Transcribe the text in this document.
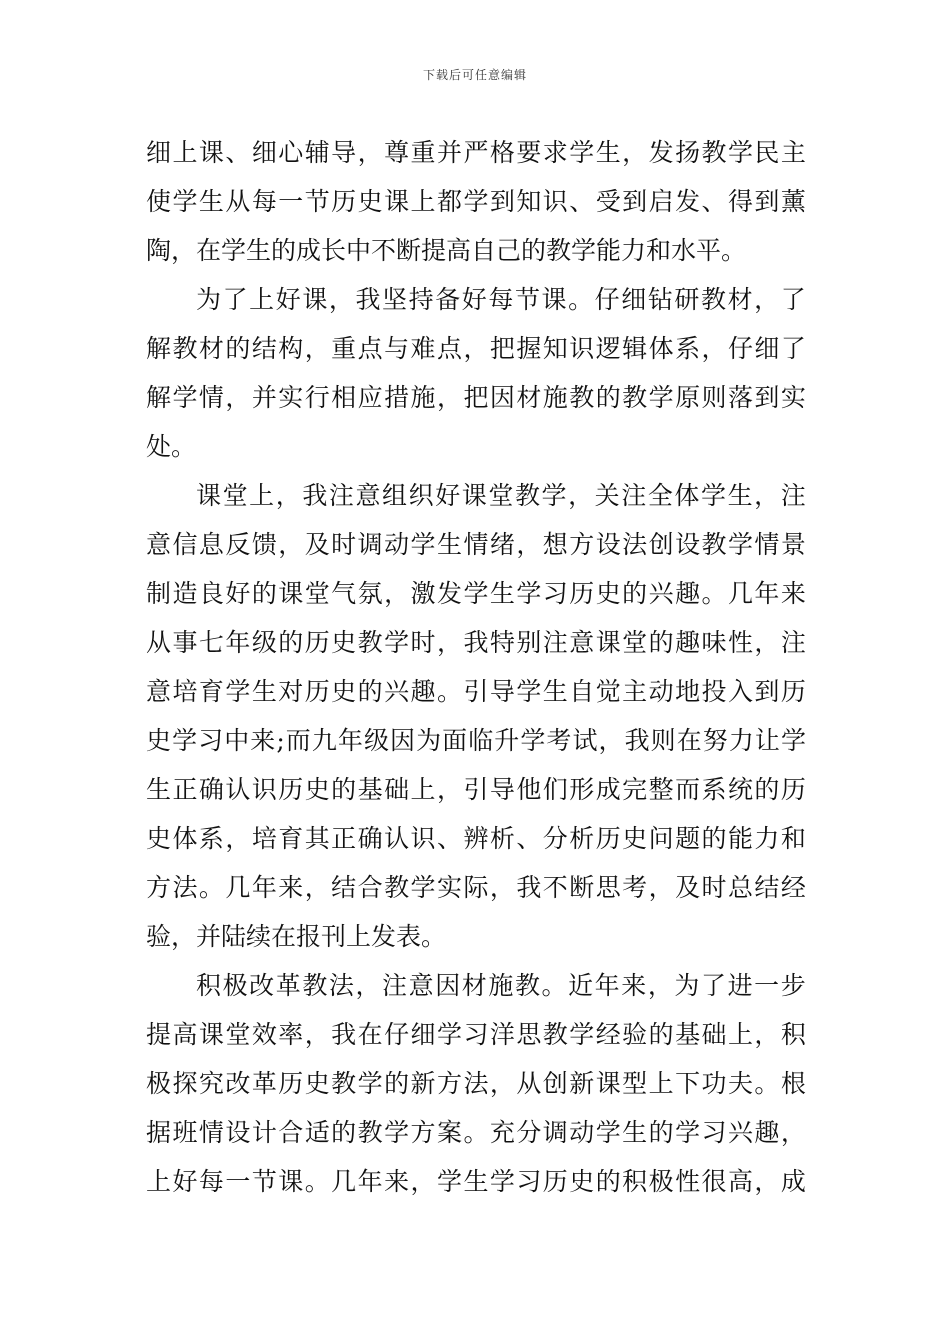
下载后可任意编辑
细 上 课 、 细 心 辅 导 ， 尊 重 并 严 格 要 求 学 生 ， 发 扬 教 学 民 主
使 学 生 从 每 一 节 历 史 课 上 都 学 到 知 识 、 受 到 启 发 、 得 到 薰
陶，在学生的成长中不断提高自己的教学能力和水平。
为 了 上 好 课 ， 我 坚 持 备 好 每 节 课 。 仔 细 钻 研 教 材 ， 了
解 教 材 的 结 构 ， 重 点 与 难 点 ， 把 握 知 识 逻 辑 体 系 ， 仔 细 了
解 学 情 ， 并 实 行 相 应 措 施 ， 把 因 材 施 教 的 教 学 原 则 落 到 实
处。
课 堂 上 ， 我 注 意 组 织 好 课 堂 教 学 ， 关 注 全 体 学 生 ， 注
意 信 息 反 馈 ， 及 时 调 动 学 生 情 绪 ， 想 方 设 法 创 设 教 学 情 景
制 造 良 好 的 课 堂 气 氛 ， 激 发 学 生 学 习 历 史 的 兴 趣 。 几 年 来
从 事 七 年 级 的 历 史 教 学 时 ， 我 特 别 注 意 课 堂 的 趣 味 性 ， 注
意 培 育 学 生 对 历 史 的 兴 趣 。 引 导 学 生 自 觉 主 动 地 投 入 到 历
史 学 习 中 来 ; 而 九 年 级 因 为 面 临 升 学 考 试 ， 我 则 在 努 力 让 学
生 正 确 认 识 历 史 的 基 础 上 ， 引 导 他 们 形 成 完 整 而 系 统 的 历
史 体 系 ， 培 育 其 正 确 认 识 、 辨 析 、 分 析 历 史 问 题 的 能 力 和
方 法 。 几 年 来 ， 结 合 教 学 实 际 ， 我 不 断 思 考 ， 及 时 总 结 经
验，并陆续在报刊上发表。
积 极 改 革 教 法 ， 注 意 因 材 施 教 。 近 年 来 ， 为 了 进 一 步
提 高 课 堂 效 率 ， 我 在 仔 细 学 习 洋 思 教 学 经 验 的 基 础 上 ， 积
极 探 究 改 革 历 史 教 学 的 新 方 法 ， 从 创 新 课 型 上 下 功 夫 。 根
据 班 情 设 计 合 适 的 教 学 方 案 。 充 分 调 动 学 生 的 学 习 兴 趣 ，
上 好 每 一 节 课 。 几 年 来 ， 学 生 学 习 历 史 的 积 极 性 很 高 ， 成
